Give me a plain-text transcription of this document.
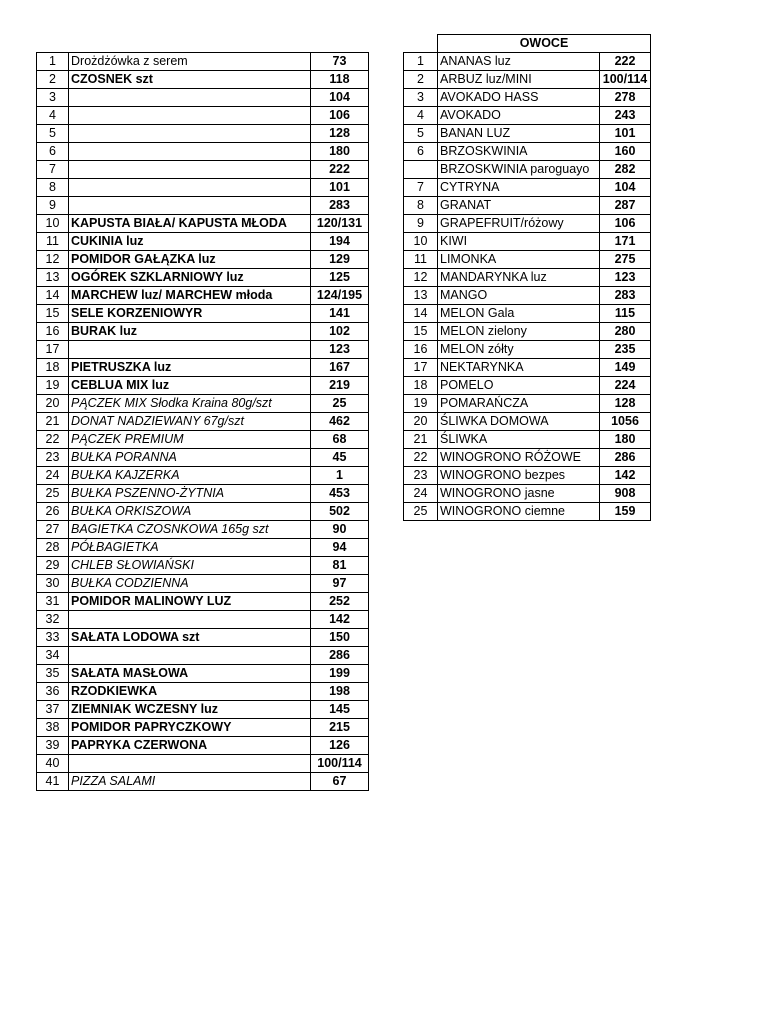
1	Drożdżówka z serem	73
2	CZOSNEK szt	118
3		104
4		106
5		128
6		180
7		222
8		101
9		283
10	KAPUSTA BIAŁA/ KAPUSTA MŁODA	120/131
11	CUKINIA luz	194
12	POMIDOR GAŁĄZKA luz	129
13	OGÓREK SZKLARNIOWY luz	125
14	MARCHEW luz/ MARCHEW młoda	124/195
15	SELE KORZENIOWYR	141
16	BURAK luz	102
17		123
18	PIETRUSZKA luz	167
19	CEBLUA MIX luz	219
20	PĄCZEK MIX Słodka Kraina 80g/szt	25
21	DONAT NADZIEWANY 67g/szt	462
22	PĄCZEK PREMIUM	68
23	BUŁKA PORANNA	45
24	BUŁKA KAJZERKA	1
25	BUŁKA PSZENNO-ŻYTNIA	453
26	BUŁKA ORKISZOWA	502
27	BAGIETKA CZOSNKOWA 165g szt	90
28	PÓŁBAGIETKA	94
29	CHLEB SŁOWIAŃSKI	81
30	BUŁKA CODZIENNA	97
31	POMIDOR MALINOWY LUZ	252
32		142
33	SAŁATA LODOWA szt	150
34		286
35	SAŁATA MASŁOWA	199
36	RZODKIEWKA	198
37	ZIEMNIAK WCZESNY luz	145
38	POMIDOR PAPRYCZKOWY	215
39	PAPRYKA CZERWONA	126
40		100/114
41	PIZZA SALAMI	67
	OWOCE	
1	ANANAS luz	222
2	ARBUZ luz/MINI	100/114
3	AVOKADO HASS	278
4	AVOKADO	243
5	BANAN LUZ	101
6	BRZOSKWINIA	160
	BRZOSKWINIA paroguayo	282
7	CYTRYNA	104
8	GRANAT	287
9	GRAPEFRUIT/różowy	106
10	KIWI	171
11	LIMONKA	275
12	MANDARYNKA luz	123
13	MANGO	283
14	MELON Gala	115
15	MELON zielony	280
16	MELON zółty	235
17	NEKTARYNKA	149
18	POMELO	224
19	POMARAŃCZA	128
20	ŚLIWKA DOMOWA	1056
21	ŚLIWKA	180
22	WINOGRONO RÓŻOWE	286
23	WINOGRONO bezpes	142
24	WINOGRONO jasne	908
25	WINOGRONO ciemne	159
